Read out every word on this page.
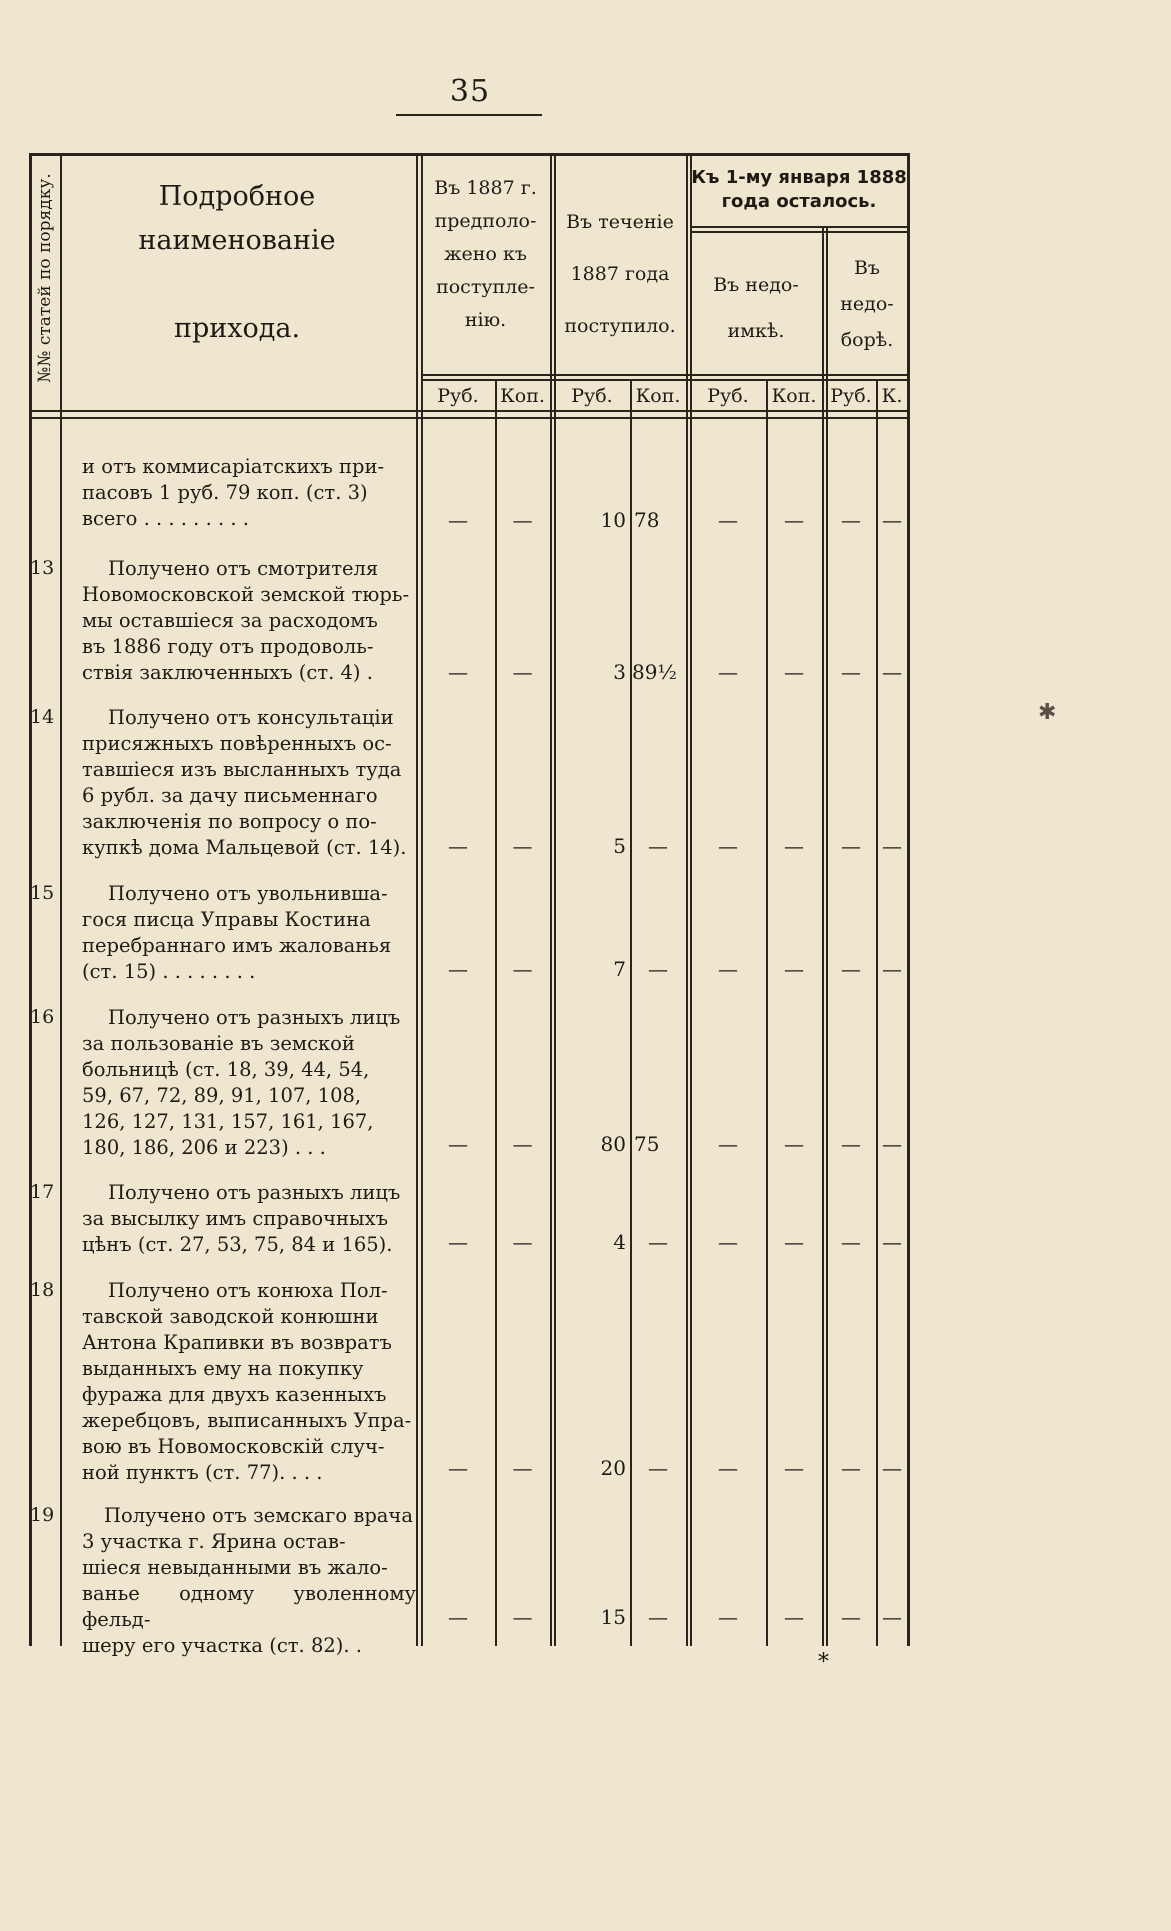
35
№№ статей по порядку.	Подробное наименованіе
прихода.
Въ 1887 г.
предполо-
жено къ
поступле-
нію.
Въ теченіе
1887 года
поступило.
Къ 1-му января 1888
года осталось.
Въ недо-
имкѣ.
Въ
недо-
борѣ.
Руб.	Коп.	Руб.	Коп.	Руб.	Коп. Руб. К.
и отъ коммисаріатскихъ при-
пасовъ 1 руб. 79 коп. (ст. 3)
всего . . . . . . . . .	—	—	10 78	—	—	—	—
13	Получено отъ смотрителя
Новомосковской земской тюрь-
мы оставшіеся за расходомъ
въ 1886 году отъ продоволь-
ствія заключенныхъ (ст. 4) .	—	—	3 89½	—	—	—	—
14	Получено отъ консультаціи
присяжныхъ повѣренныхъ ос-
тавшіеся изъ высланныхъ туда
6 рубл. за дачу письменнаго
заключенія по вопросу о по-
купкѣ дома Мальцевой (ст. 14).	—	—	5	—	—	—	—	—
15	Получено отъ увольнивша-
гося писца Управы Костина
перебраннаго имъ жалованья
(ст. 15) . . . . . . . .	—	—	7	—	—	—	—	—
16	Получено отъ разныхъ лицъ
за пользованіе въ земской
больницѣ (ст. 18, 39, 44, 54,
59, 67, 72, 89, 91, 107, 108,
126, 127, 131, 157, 161, 167,
180, 186, 206 и 223) . . .	—	—	80 75	—	—	—	—
17	Получено отъ разныхъ лицъ
за высылку имъ справочныхъ
цѣнъ (ст. 27, 53, 75, 84 и 165).	—	—	4	—	—	—	—	—
18	Получено отъ конюха Пол-
тавской заводской конюшни
Антона Крапивки въ возвратъ
выданныхъ ему на покупку
фуража для двухъ казенныхъ
жеребцовъ, выписанныхъ Упра-
вою въ Новомосковскій случ-
ной пунктъ (ст. 77). . . .	—	—	20	—	—	—	—	—
19	Получено отъ земскаго врача
3 участка г. Ярина остав-
шіеся невыданными въ жало-
ванье одному уволенному фельд-
шеру его участка (ст. 82). .
—	—	15	—	—	—	—	—
✱
*
